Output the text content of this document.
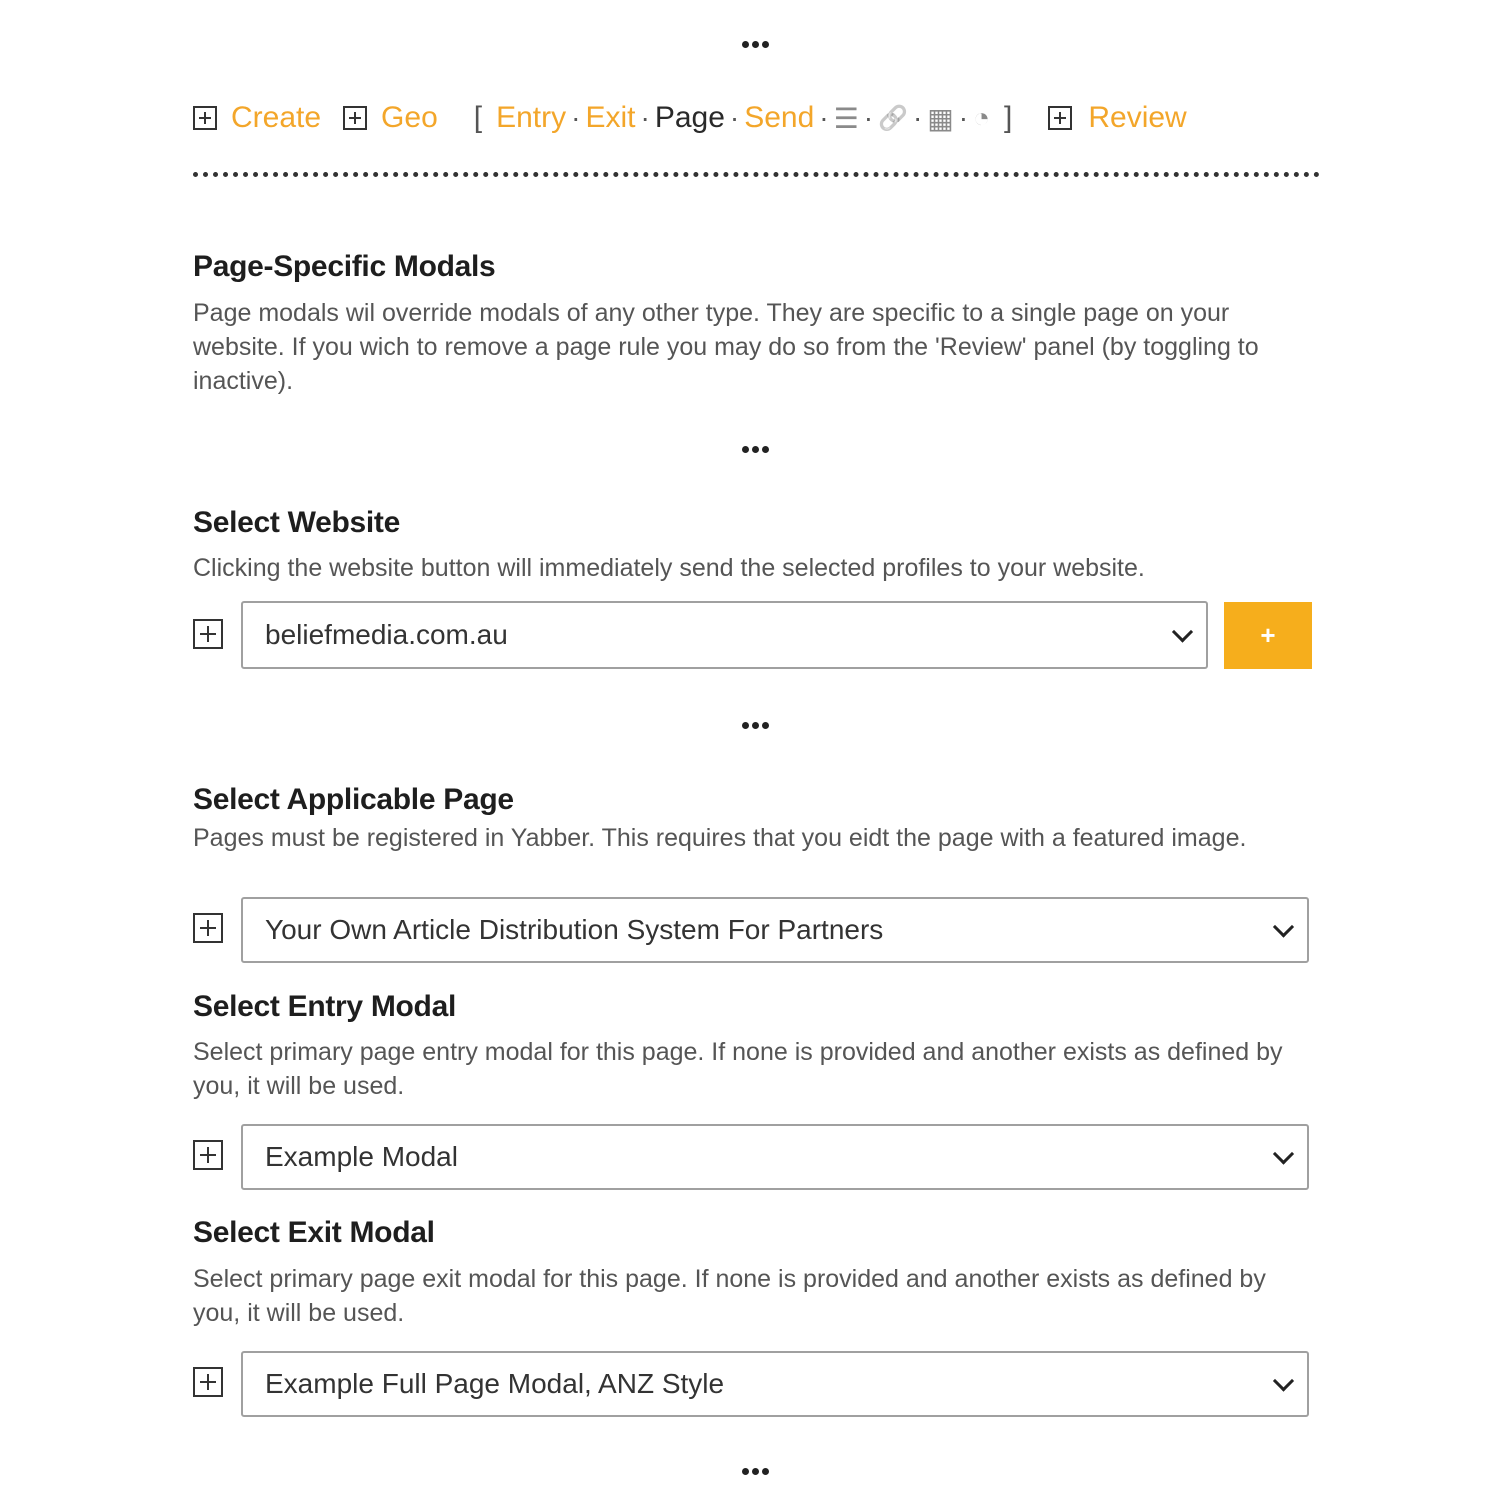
Create Geo [ Entry · Exit · Page · Send · ☰ · 🔗 · ▦ · ◔ ]	Review
Page-Specific Modals

Page modals wil override modals of any other type. They are specific to a single page on your website. If you wich to remove a page rule you may do so from the 'Review' panel (by toggling to inactive).

Select Website

Clicking the website button will immediately send the selected profiles to your website.

beliefmedia.com.au	+
Select Applicable Page

Pages must be registered in Yabber. This requires that you eidt the page with a featured image.

Your Own Article Distribution System For Partners
Select Entry Modal

Select primary page entry modal for this page. If none is provided and another exists as defined by you, it will be used.

Example Modal
Select Exit Modal

Select primary page exit modal for this page. If none is provided and another exists as defined by you, it will be used.

Example Full Page Modal, ANZ Style
